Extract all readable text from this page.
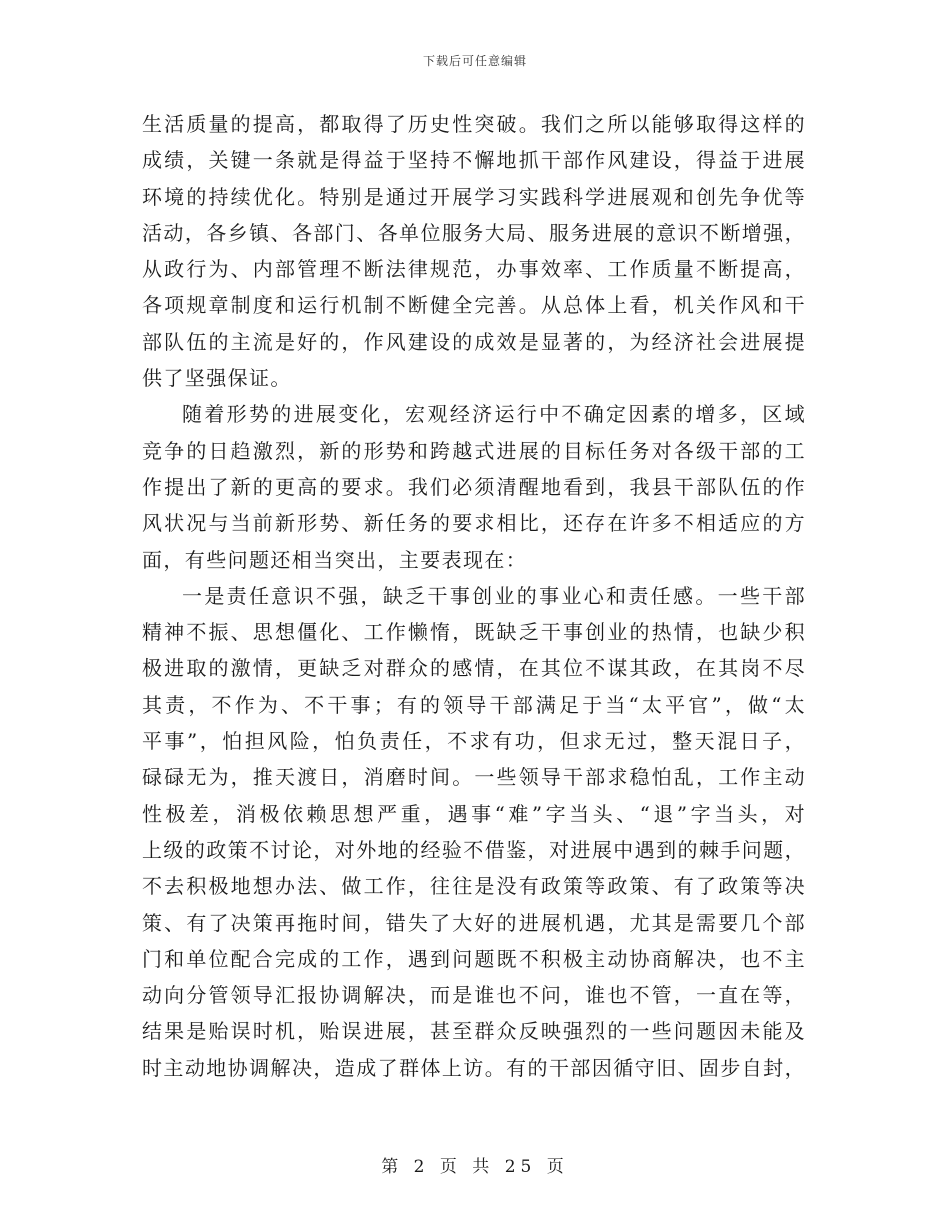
下载后可任意编辑

生活质量的提高，都取得了历史性突破。我们之所以能够取得这样的
成绩，关键一条就是得益于坚持不懈地抓干部作风建设，得益于进展
环境的持续优化。特别是通过开展学习实践科学进展观和创先争优等
活动，各乡镇、各部门、各单位服务大局、服务进展的意识不断增强，
从政行为、内部管理不断法律规范，办事效率、工作质量不断提高，
各项规章制度和运行机制不断健全完善。从总体上看，机关作风和干
部队伍的主流是好的，作风建设的成效是显著的，为经济社会进展提
供了坚强保证。

随着形势的进展变化，宏观经济运行中不确定因素的增多，区域
竞争的日趋激烈，新的形势和跨越式进展的目标任务对各级干部的工
作提出了新的更高的要求。我们必须清醒地看到，我县干部队伍的作
风状况与当前新形势、新任务的要求相比，还存在许多不相适应的方
面，有些问题还相当突出，主要表现在：

一是责任意识不强，缺乏干事创业的事业心和责任感。一些干部
精神不振、思想僵化、工作懒惰，既缺乏干事创业的热情，也缺少积
极进取的激情，更缺乏对群众的感情，在其位不谋其政，在其岗不尽
其责，不作为、不干事；有的领导干部满足于当“太平官”，做“太
平事”，怕担风险，怕负责任，不求有功，但求无过，整天混日子，
碌碌无为，推天渡日，消磨时间。一些领导干部求稳怕乱，工作主动
性极差，消极依赖思想严重，遇事“难”字当头、“退”字当头，对
上级的政策不讨论，对外地的经验不借鉴，对进展中遇到的棘手问题，
不去积极地想办法、做工作，往往是没有政策等政策、有了政策等决
策、有了决策再拖时间，错失了大好的进展机遇，尤其是需要几个部
门和单位配合完成的工作，遇到问题既不积极主动协商解决，也不主
动向分管领导汇报协调解决，而是谁也不问，谁也不管，一直在等，
结果是贻误时机，贻误进展，甚至群众反映强烈的一些问题因未能及
时主动地协调解决，造成了群体上访。有的干部因循守旧、固步自封，

第 2 页 共 25 页
